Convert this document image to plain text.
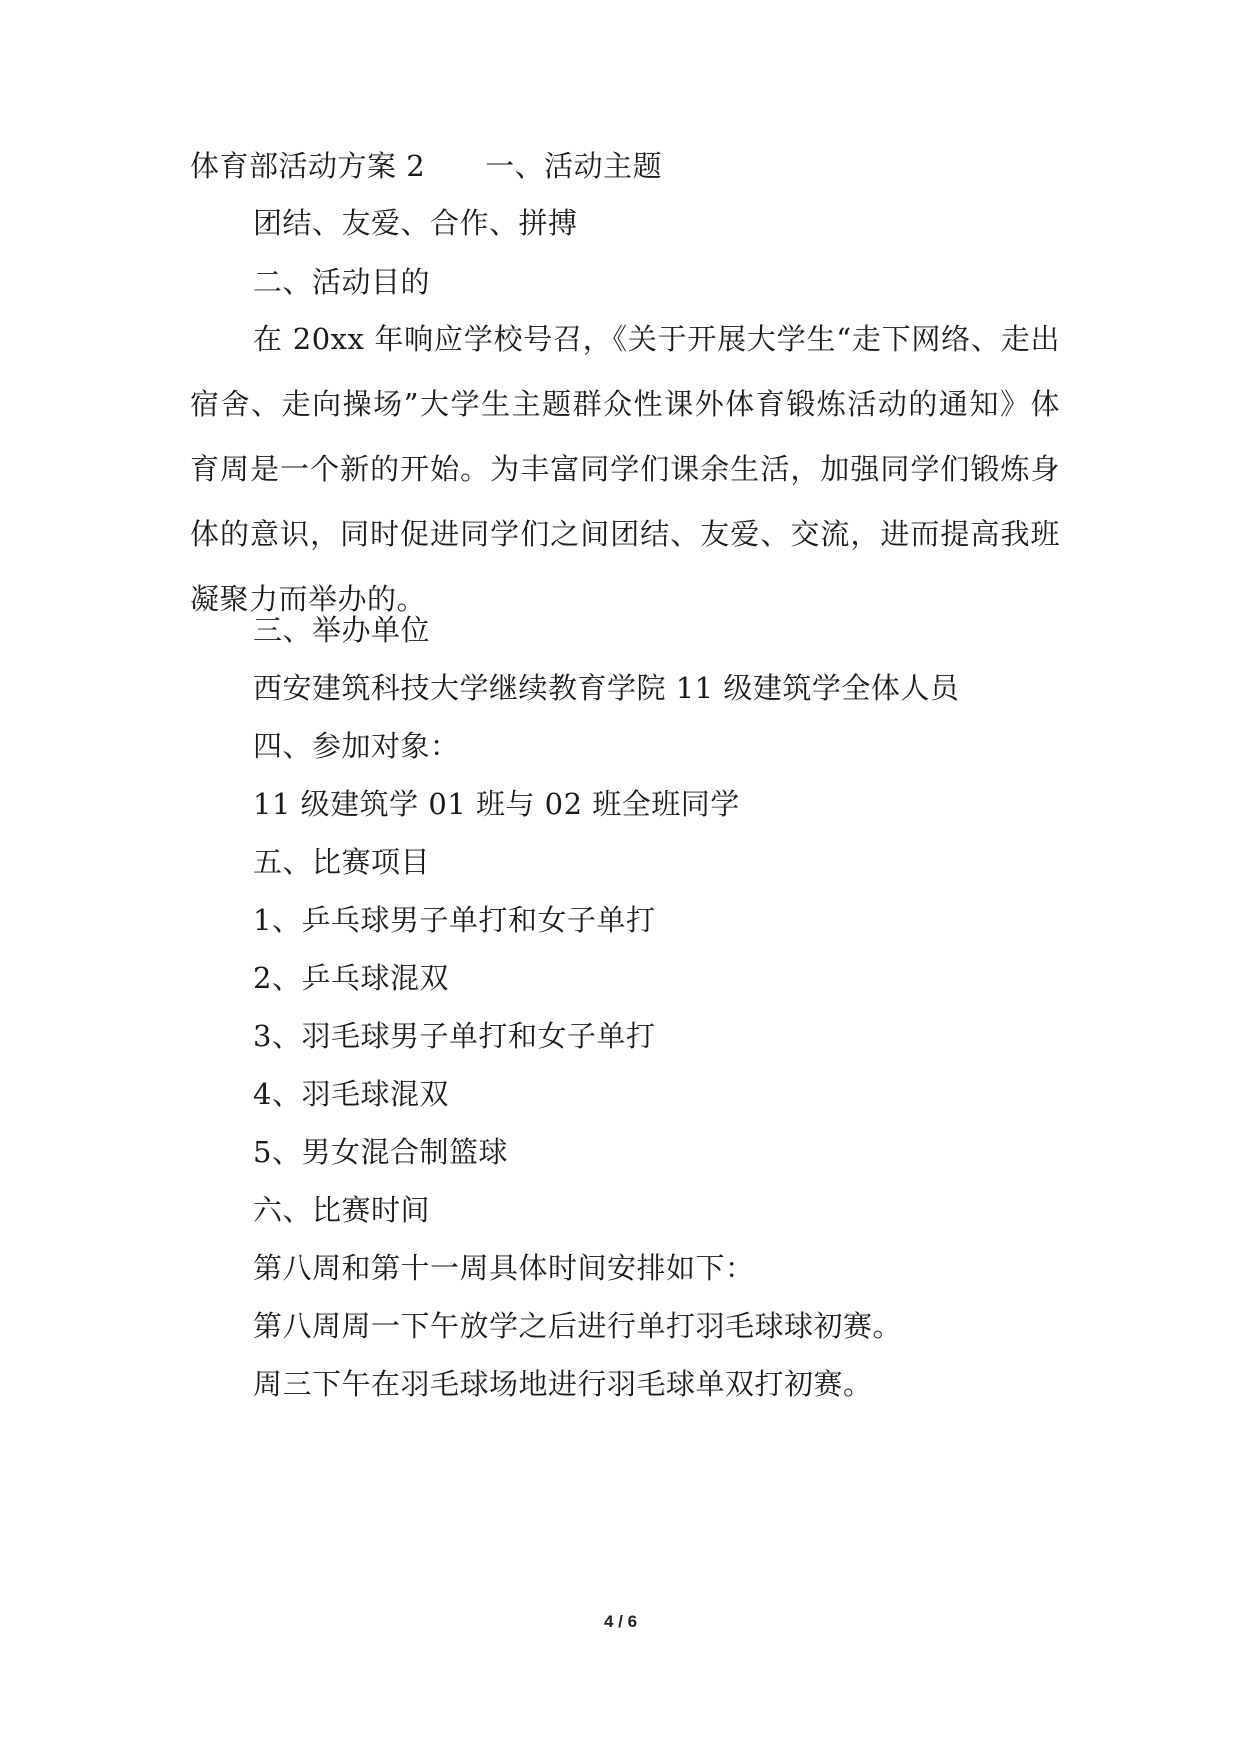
体育部活动方案 2 一、活动主题
团结、友爱、合作、拼搏
二、活动目的
在 20xx 年响应学校号召，《关于开展大学生“走下网络、走出宿舍、走向操场”大学生主题群众性课外体育锻炼活动的通知》体育周是一个新的开始。为丰富同学们课余生活，加强同学们锻炼身体的意识，同时促进同学们之间团结、友爱、交流，进而提高我班凝聚力而举办的。
三、举办单位
西安建筑科技大学继续教育学院 11 级建筑学全体人员
四、参加对象：
11 级建筑学 01 班与 02 班全班同学
五、比赛项目
1、乒乓球男子单打和女子单打
2、乒乓球混双
3、羽毛球男子单打和女子单打
4、羽毛球混双
5、男女混合制篮球
六、比赛时间
第八周和第十一周具体时间安排如下：
第八周周一下午放学之后进行单打羽毛球球初赛。
周三下午在羽毛球场地进行羽毛球单双打初赛。
4 / 6
